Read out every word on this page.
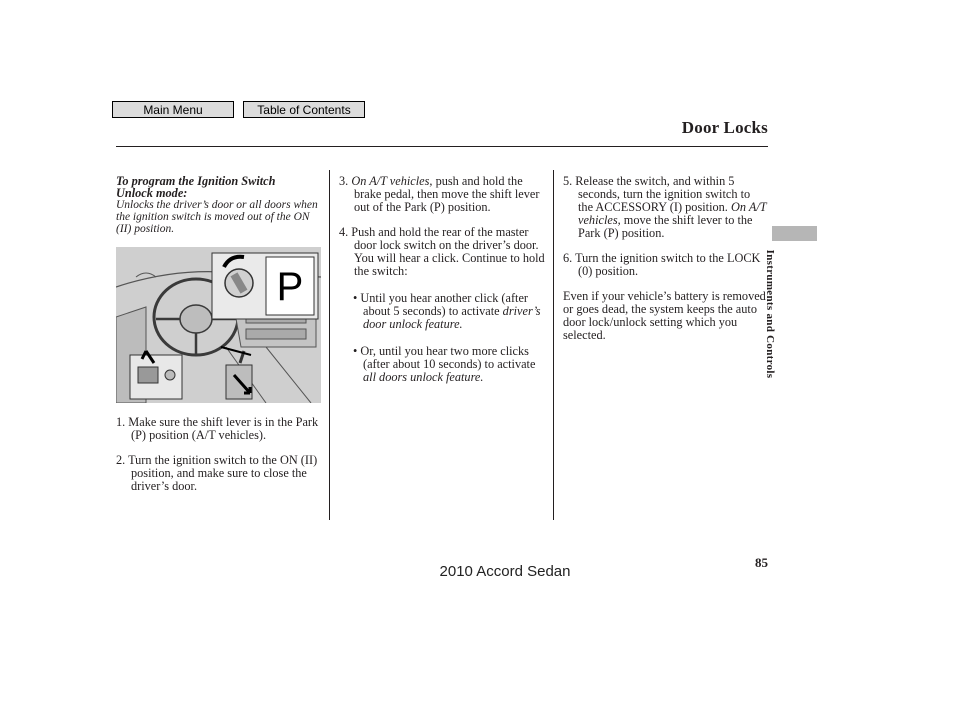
Main Menu	Table of Contents
Door Locks
Instruments and Controls
To program the Ignition Switch
Unlock mode:

Unlocks the driver’s door or all doors when the ignition switch is moved out of the ON (II) position.

P

1. Make sure the shift lever is in the Park (P) position (A/T vehicles).

2. Turn the ignition switch to the ON (II) position, and make sure to close the driver’s door.

3. On A/T vehicles, push and hold the brake pedal, then move the shift lever out of the Park (P) position.

4. Push and hold the rear of the master door lock switch on the driver’s door. You will hear a click. Continue to hold the switch:

• Until you hear another click (after about 5 seconds) to activate driver’s door unlock feature.

• Or, until you hear two more clicks (after about 10 seconds) to activate all doors unlock feature.

5. Release the switch, and within 5 seconds, turn the ignition switch to the ACCESSORY (I) position. On A/T vehicles, move the shift lever to the Park (P) position.

6. Turn the ignition switch to the LOCK (0) position.

Even if your vehicle’s battery is removed or goes dead, the system keeps the auto door lock/unlock setting which you selected.

85
2010 Accord Sedan
